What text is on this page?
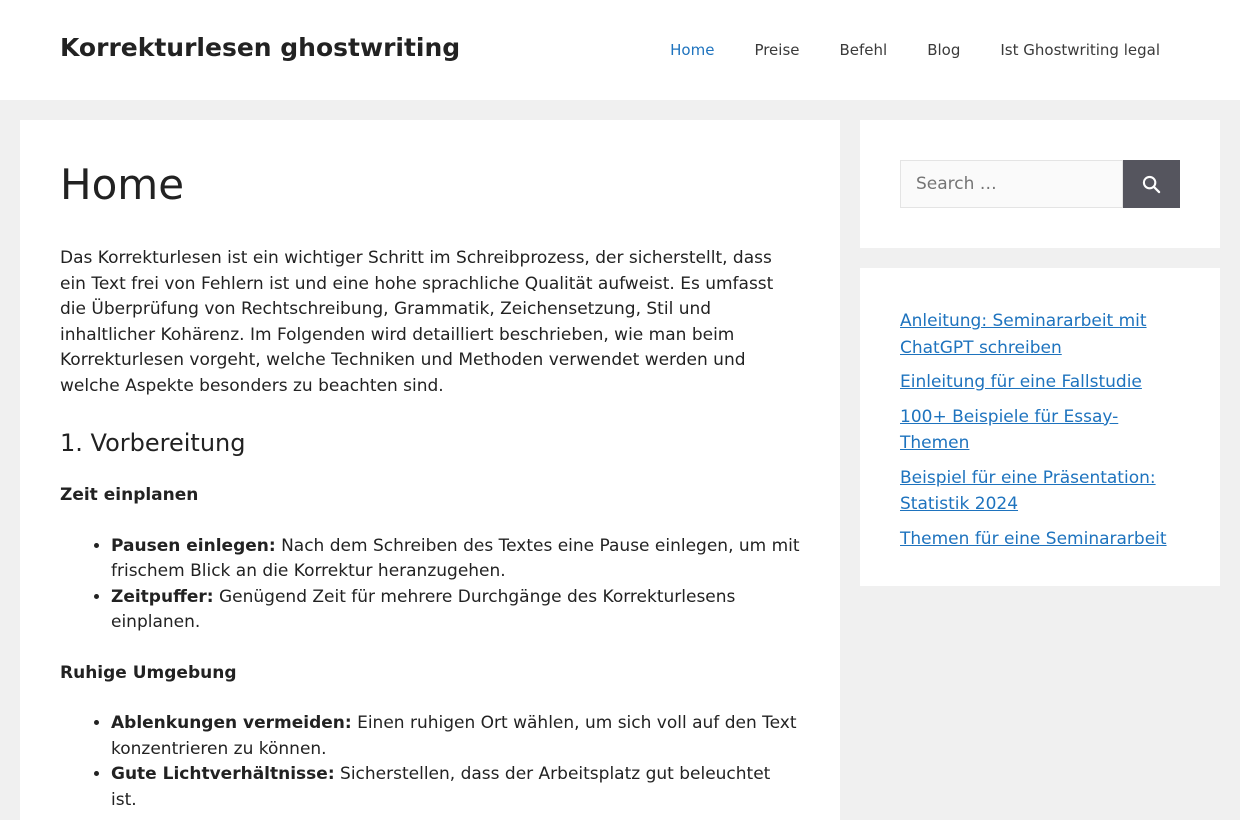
Korrekturlesen ghostwriting	Home	Preise	Befehl	Blog	Ist Ghostwriting legal
Home

Das Korrekturlesen ist ein wichtiger Schritt im Schreibprozess, der sicherstellt, dass ein Text frei von Fehlern ist und eine hohe sprachliche Qualität aufweist. Es umfasst die Überprüfung von Rechtschreibung, Grammatik, Zeichensetzung, Stil und inhaltlicher Kohärenz. Im Folgenden wird detailliert beschrieben, wie man beim Korrekturlesen vorgeht, welche Techniken und Methoden verwendet werden und welche Aspekte besonders zu beachten sind.

1. Vorbereitung

Zeit einplanen

• Pausen einlegen: Nach dem Schreiben des Textes eine Pause einlegen, um mit frischem Blick an die Korrektur heranzugehen.
• Zeitpuffer: Genügend Zeit für mehrere Durchgänge des Korrekturlesens einplanen.

Ruhige Umgebung

• Ablenkungen vermeiden: Einen ruhigen Ort wählen, um sich voll auf den Text konzentrieren zu können.
• Gute Lichtverhältnisse: Sicherstellen, dass der Arbeitsplatz gut beleuchtet ist.
Search …
Anleitung: Seminararbeit mit ChatGPT schreiben
Einleitung für eine Fallstudie
100+ Beispiele für Essay-Themen
Beispiel für eine Präsentation: Statistik 2024
Themen für eine Seminararbeit
